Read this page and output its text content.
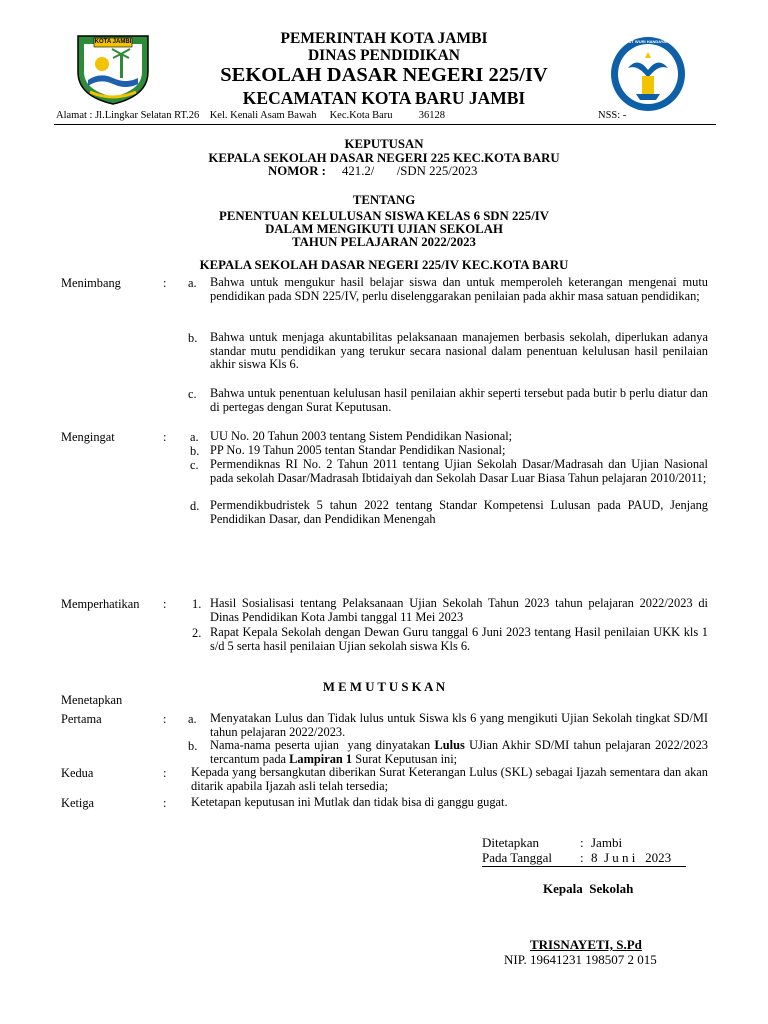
KOTA JAMBI	TUT WURI HANDAYANI
PEMERINTAH KOTA JAMBI
DINAS PENDIDIKAN
SEKOLAH DASAR NEGERI 225/IV
KECAMATAN KOTA BARU JAMBI
Alamat : Jl.Lingkar Selatan RT.26    Kel. Kenali Asam Bawah     Kec.Kota Baru          36128	NSS: -
KEPUTUSAN
KEPALA SEKOLAH DASAR NEGERI 225 KEC.KOTA BARU
NOMOR : 421.2/       /SDN 225/2023
TENTANG
PENENTUAN KELULUSAN SISWA KELAS 6 SDN 225/IV
DALAM MENGIKUTI UJIAN SEKOLAH
TAHUN PELAJARAN 2022/2023
KEPALA SEKOLAH DASAR NEGERI 225/IV KEC.KOTA BARU
Menimbang	: a. Bahwa untuk mengukur hasil belajar siswa dan untuk memperoleh keterangan mengenai mutu pendidikan pada SDN 225/IV, perlu diselenggarakan penilaian pada akhir masa satuan pendidikan;
b. Bahwa untuk menjaga akuntabilitas pelaksanaan manajemen berbasis sekolah, diperlukan adanya standar mutu pendidikan yang terukur secara nasional dalam penentuan kelulusan hasil penilaian akhir siswa Kls 6.
c. Bahwa untuk penentuan kelulusan hasil penilaian akhir seperti tersebut pada butir b perlu diatur dan di pertegas dengan Surat Keputusan.
Mengingat	: a. UU No. 20 Tahun 2003 tentang Sistem Pendidikan Nasional;
b. PP No. 19 Tahun 2005 tentan Standar Pendidikan Nasional;
c. Permendiknas RI No. 2 Tahun 2011 tentang Ujian Sekolah Dasar/Madrasah dan Ujian Nasional pada sekolah Dasar/Madrasah Ibtidaiyah dan Sekolah Dasar Luar Biasa Tahun pelajaran 2010/2011;
d. Permendikbudristek 5 tahun 2022 tentang Standar Kompetensi Lulusan pada PAUD, Jenjang Pendidikan Dasar, dan Pendidikan Menengah
Memperhatikan : 1. Hasil Sosialisasi tentang Pelaksanaan Ujian Sekolah Tahun 2023 tahun pelajaran 2022/2023 di Dinas Pendidikan Kota Jambi tanggal 11 Mei 2023
2. Rapat Kepala Sekolah dengan Dewan Guru tanggal 6 Juni 2023 tentang Hasil penilaian UKK kls 1 s/d 5 serta hasil penilaian Ujian sekolah siswa Kls 6.
M E M U T U S K A N
Menetapkan
Pertama	: a. Menyatakan Lulus dan Tidak lulus untuk Siswa kls 6 yang mengikuti Ujian Sekolah tingkat SD/MI tahun pelajaran 2022/2023.
b. Nama-nama peserta ujian  yang dinyatakan Lulus UJian Akhir SD/MI tahun pelajaran 2022/2023 tercantum pada Lampiran 1 Surat Keputusan ini;
Kedua	: Kepada yang bersangkutan diberikan Surat Keterangan Lulus (SKL) sebagai Ijazah sementara dan akan ditarik apabila Ijazah asli telah tersedia;
Ketiga	: Ketetapan keputusan ini Mutlak dan tidak bisa di ganggu gugat.
Ditetapkan	: Jambi
Pada Tanggal : 8  J u n i   2023
Kepala  Sekolah
TRISNAYETI, S.Pd
NIP. 19641231 198507 2 015
